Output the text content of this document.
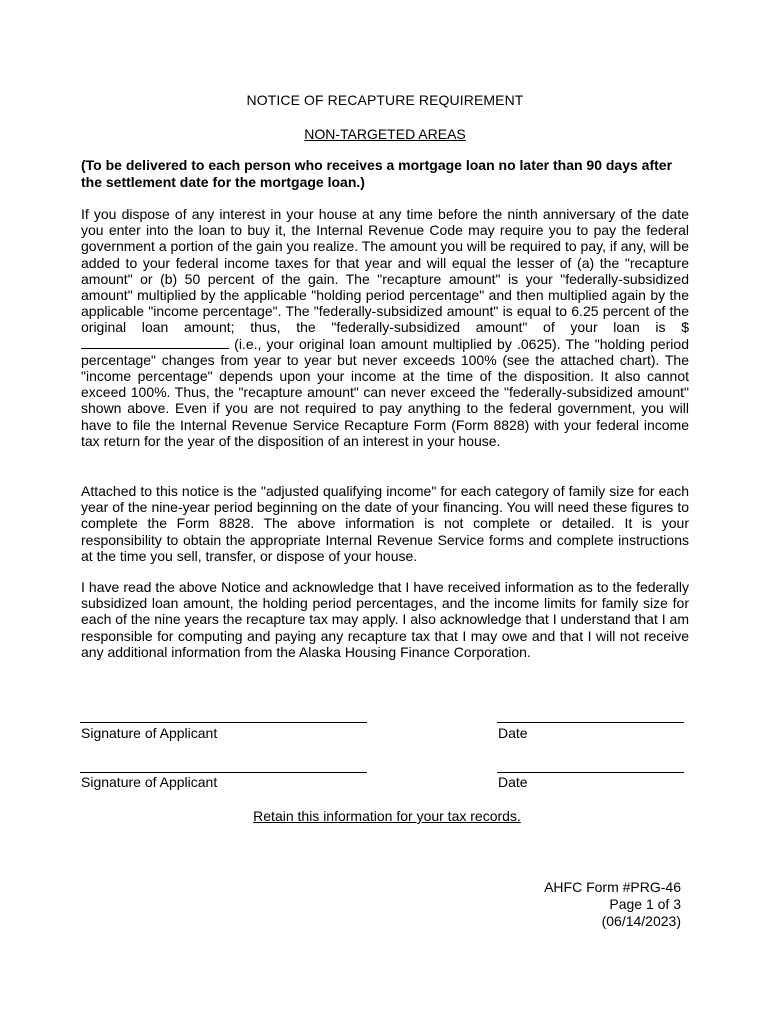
NOTICE OF RECAPTURE REQUIREMENT
NON-TARGETED AREAS

(To be delivered to each person who receives a mortgage loan no later than 90 days after the settlement date for the mortgage loan.)

If you dispose of any interest in your house at any time before the ninth anniversary of the date you enter into the loan to buy it, the Internal Revenue Code may require you to pay the federal government a portion of the gain you realize. The amount you will be required to pay, if any, will be added to your federal income taxes for that year and will equal the lesser of (a) the "recapture amount" or (b) 50 percent of the gain. The "recapture amount" is your "federally-subsidized amount" multiplied by the applicable "holding period percentage" and then multiplied again by the applicable "income percentage". The "federally-subsidized amount" is equal to 6.25 percent of the original loan amount; thus, the "federally-subsidized amount" of your loan is $ (i.e., your original loan amount multiplied by .0625). The "holding period percentage" changes from year to year but never exceeds 100% (see the attached chart). The "income percentage" depends upon your income at the time of the disposition. It also cannot exceed 100%. Thus, the "recapture amount" can never exceed the "federally-subsidized amount" shown above. Even if you are not required to pay anything to the federal government, you will have to file the Internal Revenue Service Recapture Form (Form 8828) with your federal income tax return for the year of the disposition of an interest in your house.

Attached to this notice is the "adjusted qualifying income" for each category of family size for each year of the nine-year period beginning on the date of your financing. You will need these figures to complete the Form 8828. The above information is not complete or detailed. It is your responsibility to obtain the appropriate Internal Revenue Service forms and complete instructions at the time you sell, transfer, or dispose of your house.

I have read the above Notice and acknowledge that I have received information as to the federally subsidized loan amount, the holding period percentages, and the income limits for family size for each of the nine years the recapture tax may apply. I also acknowledge that I understand that I am responsible for computing and paying any recapture tax that I may owe and that I will not receive any additional information from the Alaska Housing Finance Corporation.

Signature of Applicant	Date
Signature of Applicant	Date
Retain this information for your tax records.
AHFC Form #PRG-46
Page 1 of 3
(06/14/2023)
